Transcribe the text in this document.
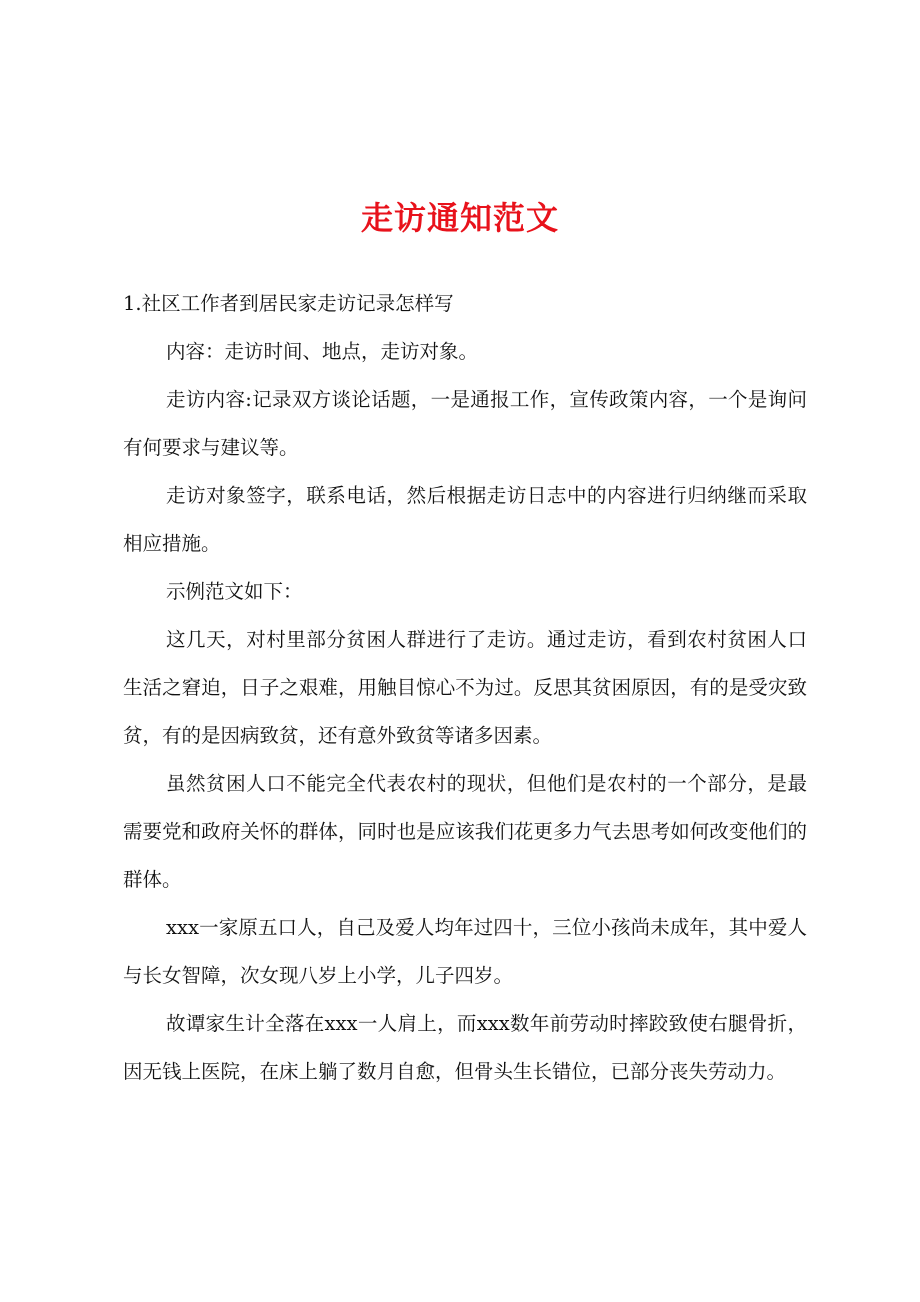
走访通知范文

1.社区工作者到居民家走访记录怎样写

内容：走访时间、地点，走访对象。

走访内容:记录双方谈论话题，一是通报工作，宣传政策内容，一个是询问有何要求与建议等。

走访对象签字，联系电话，然后根据走访日志中的内容进行归纳继而采取相应措施。

示例范文如下：

这几天，对村里部分贫困人群进行了走访。通过走访，看到农村贫困人口生活之窘迫，日子之艰难，用触目惊心不为过。反思其贫困原因，有的是受灾致贫，有的是因病致贫，还有意外致贫等诸多因素。

虽然贫困人口不能完全代表农村的现状，但他们是农村的一个部分，是最需要党和政府关怀的群体，同时也是应该我们花更多力气去思考如何改变他们的群体。

xxx一家原五口人，自己及爱人均年过四十，三位小孩尚未成年，其中爱人与长女智障，次女现八岁上小学，儿子四岁。

故谭家生计全落在xxx一人肩上，而xxx数年前劳动时摔跤致使右腿骨折，因无钱上医院，在床上躺了数月自愈，但骨头生长错位，已部分丧失劳动力。
